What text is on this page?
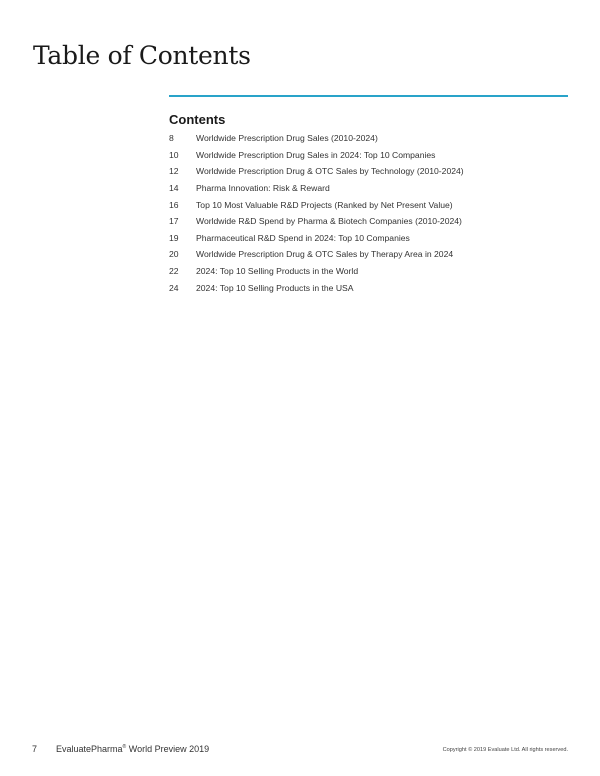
Table of Contents
Contents
8	Worldwide Prescription Drug Sales (2010-2024)
10	Worldwide Prescription Drug Sales in 2024: Top 10 Companies
12	Worldwide Prescription Drug & OTC Sales by Technology (2010-2024)
14	Pharma Innovation: Risk & Reward
16	Top 10 Most Valuable R&D Projects (Ranked by Net Present Value)
17	Worldwide R&D Spend by Pharma & Biotech Companies (2010-2024)
19	Pharmaceutical R&D Spend in 2024: Top 10 Companies
20	Worldwide Prescription Drug & OTC Sales by Therapy Area in 2024
22	2024: Top 10 Selling Products in the World
24	2024: Top 10 Selling Products in the USA
7 EvaluatePharma® World Preview 2019	Copyright © 2019 Evaluate Ltd. All rights reserved.
